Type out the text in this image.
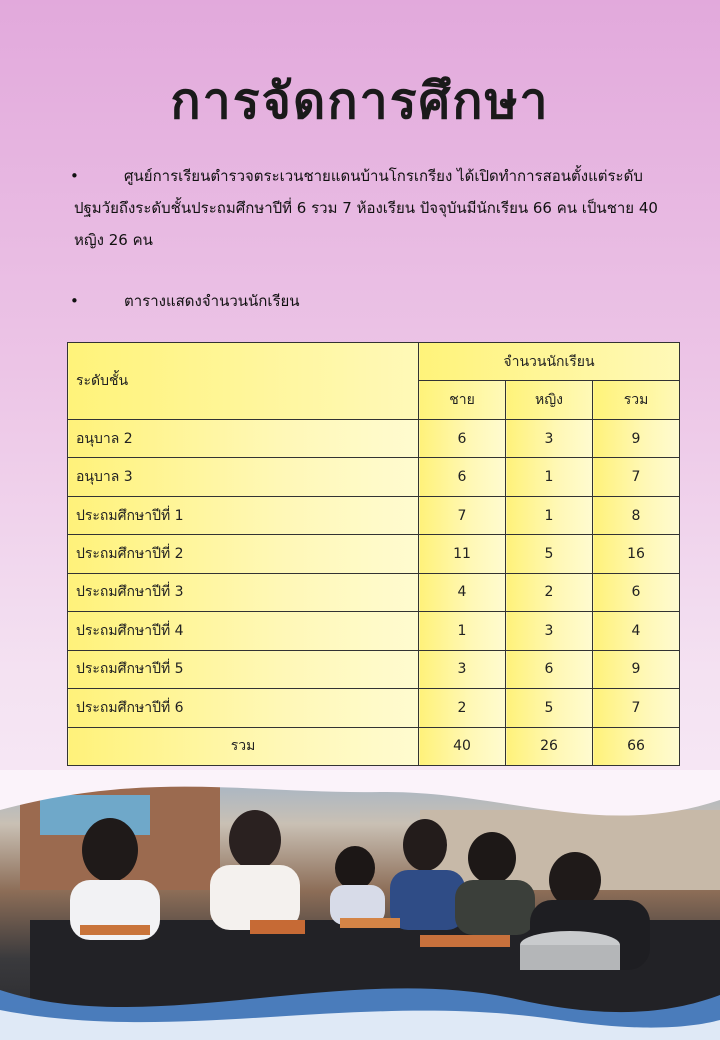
การจัดการศึกษา
•	ศูนย์การเรียนตำรวจตระเวนชายแดนบ้านโกรเกรียง ได้เปิดทำการสอนตั้งแต่ระดับปฐมวัยถึงระดับชั้นประถมศึกษาปีที่ 6 รวม 7 ห้องเรียน ปัจจุบันมีนักเรียน 66 คน เป็นชาย 40 หญิง 26 คน
•	ตารางแสดงจำนวนนักเรียน
ระดับชั้น	จำนวนนักเรียน		
	ชาย	หญิง	รวม
อนุบาล 2	6	3	9
อนุบาล 3	6	1	7
ประถมศึกษาปีที่ 1	7	1	8
ประถมศึกษาปีที่ 2	11	5	16
ประถมศึกษาปีที่ 3	4	2	6
ประถมศึกษาปีที่ 4	1	3	4
ประถมศึกษาปีที่ 5	3	6	9
ประถมศึกษาปีที่ 6	2	5	7
รวม	40	26	66
